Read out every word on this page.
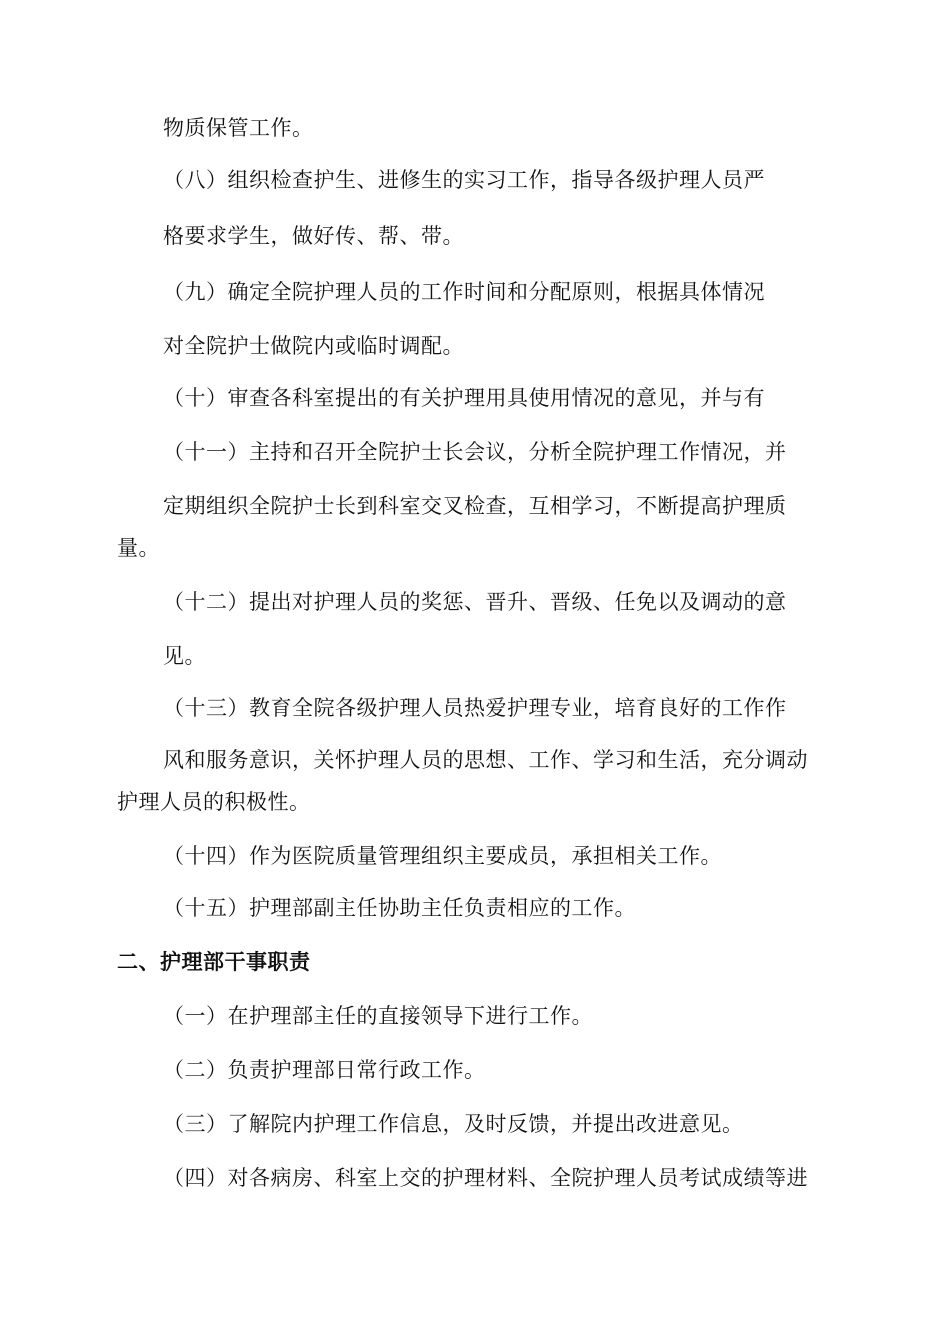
物质保管工作。
（八）组织检查护生、进修生的实习工作，指导各级护理人员严
格要求学生，做好传、帮、带。
（九）确定全院护理人员的工作时间和分配原则，根据具体情况
对全院护士做院内或临时调配。
（十）审查各科室提出的有关护理用具使用情况的意见，并与有
（十一）主持和召开全院护士长会议，分析全院护理工作情况，并
定期组织全院护士长到科室交叉检查，互相学习，不断提高护理质
量。
（十二）提出对护理人员的奖惩、晋升、晋级、任免以及调动的意
见。
（十三）教育全院各级护理人员热爱护理专业，培育良好的工作作
风和服务意识，关怀护理人员的思想、工作、学习和生活，充分调动
护理人员的积极性。
（十四）作为医院质量管理组织主要成员，承担相关工作。
（十五）护理部副主任协助主任负责相应的工作。
二、护理部干事职责
（一）在护理部主任的直接领导下进行工作。
（二）负责护理部日常行政工作。
（三）了解院内护理工作信息，及时反馈，并提出改进意见。
（四）对各病房、科室上交的护理材料、全院护理人员考试成绩等进
